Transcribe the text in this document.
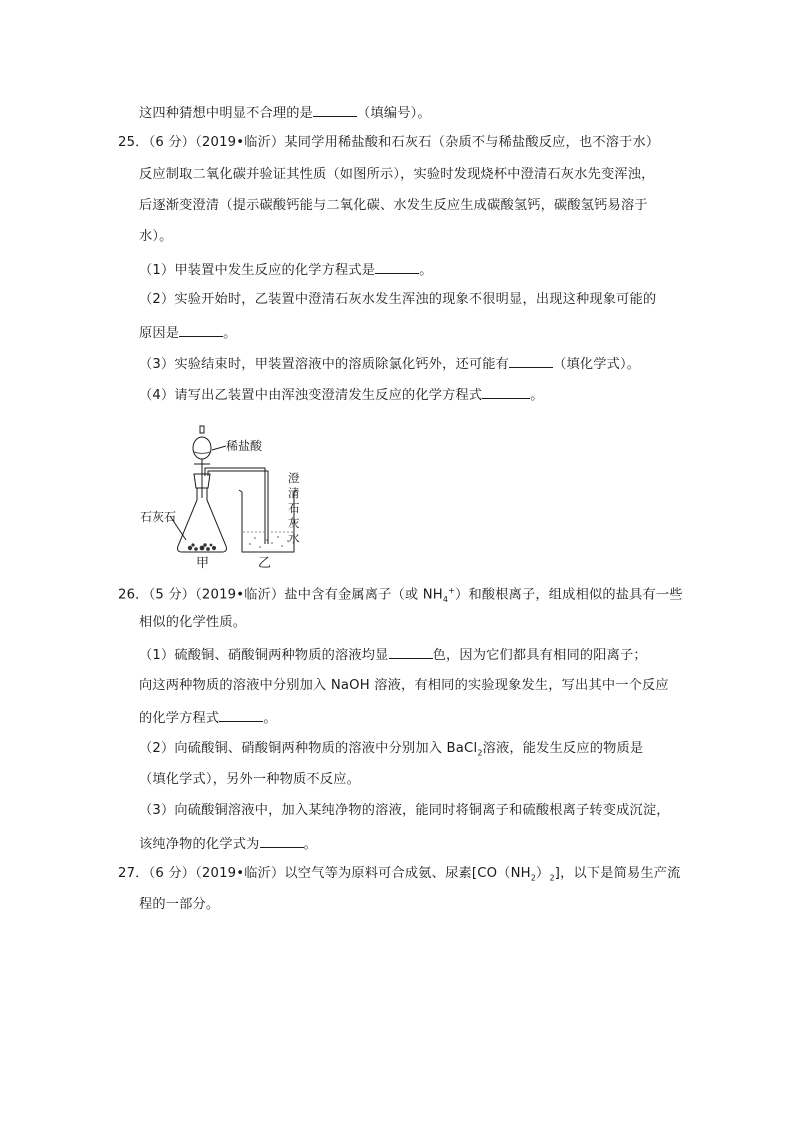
这四种猜想中明显不合理的是	（填编号）。
25．（6 分）（2019•临沂）某同学用稀盐酸和石灰石（杂质不与稀盐酸反应，也不溶于水）
反应制取二氧化碳并验证其性质（如图所示），实验时发现烧杯中澄清石灰水先变浑浊，
后逐渐变澄清（提示碳酸钙能与二氧化碳、水发生反应生成碳酸氢钙，碳酸氢钙易溶于
水）。
（1）甲装置中发生反应的化学方程式是	。
（2）实验开始时，乙装置中澄清石灰水发生浑浊的现象不很明显，出现这种现象可能的
原因是	。
（3）实验结束时，甲装置溶液中的溶质除氯化钙外，还可能有	（填化学式）。
（4）请写出乙装置中由浑浊变澄清发生反应的化学方程式	。
稀盐酸
石灰石
澄
清
石
灰
水
甲	乙
26．（5 分）（2019•临沂）盐中含有金属离子（或 $NH_4^+$）和酸根离子，组成相似的盐具有一些
相似的化学性质。
（1）硫酸铜、硝酸铜两种物质的溶液均显	色，因为它们都具有相同的阳离子；
向这两种物质的溶液中分别加入 NaOH 溶液，有相同的实验现象发生，写出其中一个反应
的化学方程式	。
（2）向硫酸铜、硝酸铜两种物质的溶液中分别加入 BaCl$_2$溶液，能发生反应的物质是
（填化学式），另外一种物质不反应。
（3）向硫酸铜溶液中，加入某纯净物的溶液，能同时将铜离子和硫酸根离子转变成沉淀，
该纯净物的化学式为	。
27．（6 分）（2019•临沂）以空气等为原料可合成氨、尿素$[CO(NH_2)_2]$，以下是简易生产流
程的一部分。
